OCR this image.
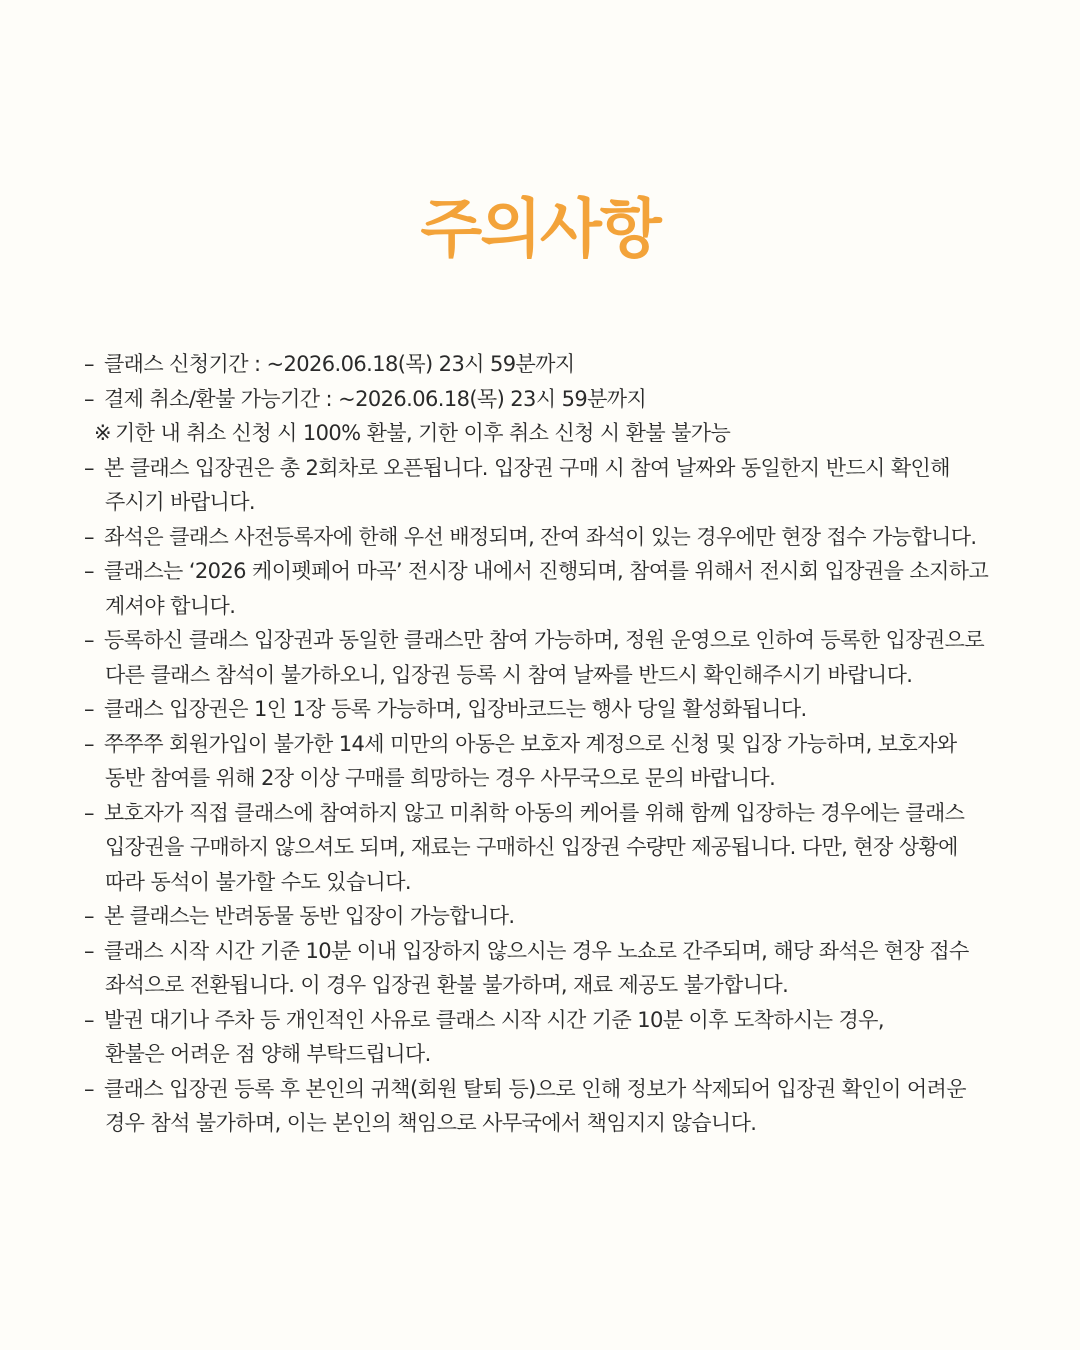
주의사항
– 클래스 신청기간 : ~2026.06.18(목) 23시 59분까지
– 결제 취소/환불 가능기간 : ~2026.06.18(목) 23시 59분까지
※ 기한 내 취소 신청 시 100% 환불, 기한 이후 취소 신청 시 환불 불가능
– 본 클래스 입장권은 총 2회차로 오픈됩니다. 입장권 구매 시 참여 날짜와 동일한지 반드시 확인해
주시기 바랍니다.
– 좌석은 클래스 사전등록자에 한해 우선 배정되며, 잔여 좌석이 있는 경우에만 현장 접수 가능합니다.
– 클래스는 ‘2026 케이펫페어 마곡’ 전시장 내에서 진행되며, 참여를 위해서 전시회 입장권을 소지하고
계셔야 합니다.
– 등록하신 클래스 입장권과 동일한 클래스만 참여 가능하며, 정원 운영으로 인하여 등록한 입장권으로
다른 클래스 참석이 불가하오니, 입장권 등록 시 참여 날짜를 반드시 확인해주시기 바랍니다.
– 클래스 입장권은 1인 1장 등록 가능하며, 입장바코드는 행사 당일 활성화됩니다.
– 쭈쭈쭈 회원가입이 불가한 14세 미만의 아동은 보호자 계정으로 신청 및 입장 가능하며, 보호자와
동반 참여를 위해 2장 이상 구매를 희망하는 경우 사무국으로 문의 바랍니다.
– 보호자가 직접 클래스에 참여하지 않고 미취학 아동의 케어를 위해 함께 입장하는 경우에는 클래스
입장권을 구매하지 않으셔도 되며, 재료는 구매하신 입장권 수량만 제공됩니다. 다만, 현장 상황에
따라 동석이 불가할 수도 있습니다.
– 본 클래스는 반려동물 동반 입장이 가능합니다.
– 클래스 시작 시간 기준 10분 이내 입장하지 않으시는 경우 노쇼로 간주되며, 해당 좌석은 현장 접수
좌석으로 전환됩니다. 이 경우 입장권 환불 불가하며, 재료 제공도 불가합니다.
– 발권 대기나 주차 등 개인적인 사유로 클래스 시작 시간 기준 10분 이후 도착하시는 경우,
환불은 어려운 점 양해 부탁드립니다.
– 클래스 입장권 등록 후 본인의 귀책(회원 탈퇴 등)으로 인해 정보가 삭제되어 입장권 확인이 어려운
경우 참석 불가하며, 이는 본인의 책임으로 사무국에서 책임지지 않습니다.
